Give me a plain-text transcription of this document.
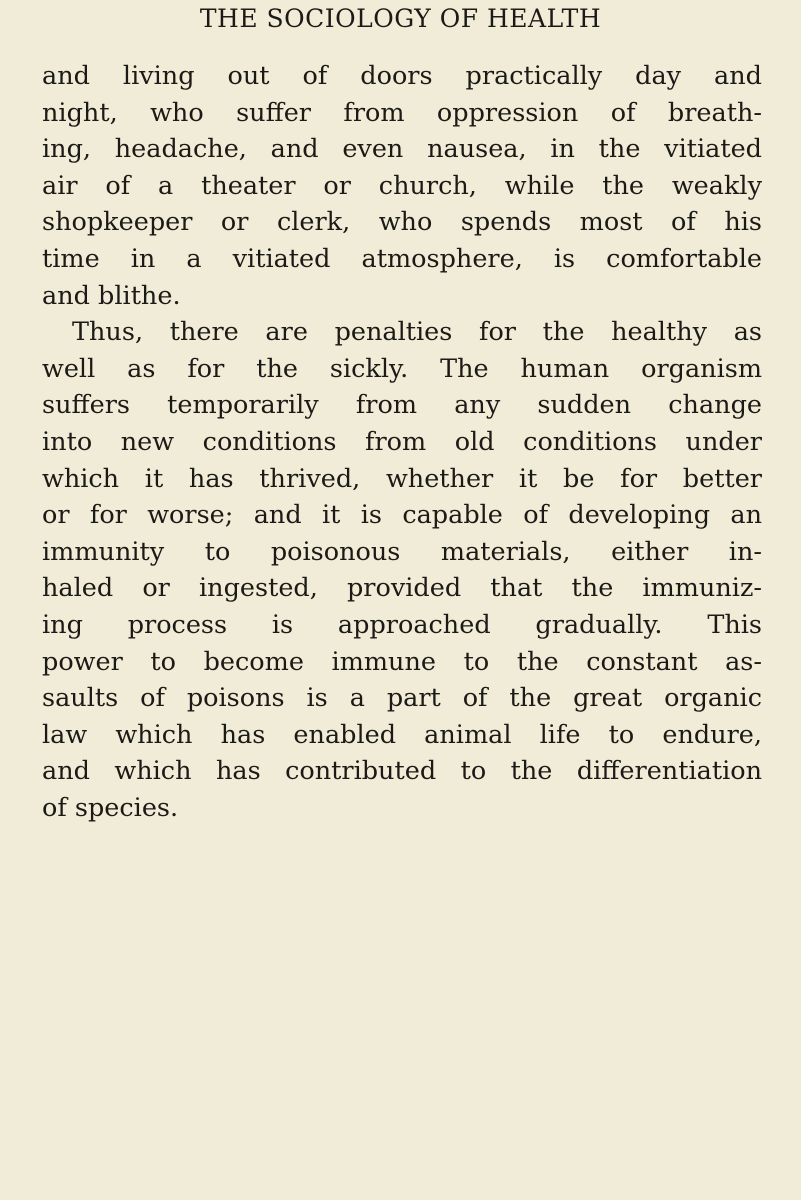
THE SOCIOLOGY OF HEALTH
and living out of doors practically day and
night, who suffer from oppression of breath-
ing, headache, and even nausea, in the vitiated
air of a theater or church, while the weakly
shopkeeper or clerk, who spends most of his
time in a vitiated atmosphere, is comfortable
and blithe.
Thus, there are penalties for the healthy as
well as for the sickly. The human organism
suffers temporarily from any sudden change
into new conditions from old conditions under
which it has thrived, whether it be for better
or for worse; and it is capable of developing an
immunity to poisonous materials, either in-
haled or ingested, provided that the immuniz-
ing process is approached gradually. This
power to become immune to the constant as-
saults of poisons is a part of the great organic
law which has enabled animal life to endure,
and which has contributed to the differentiation
of species.
